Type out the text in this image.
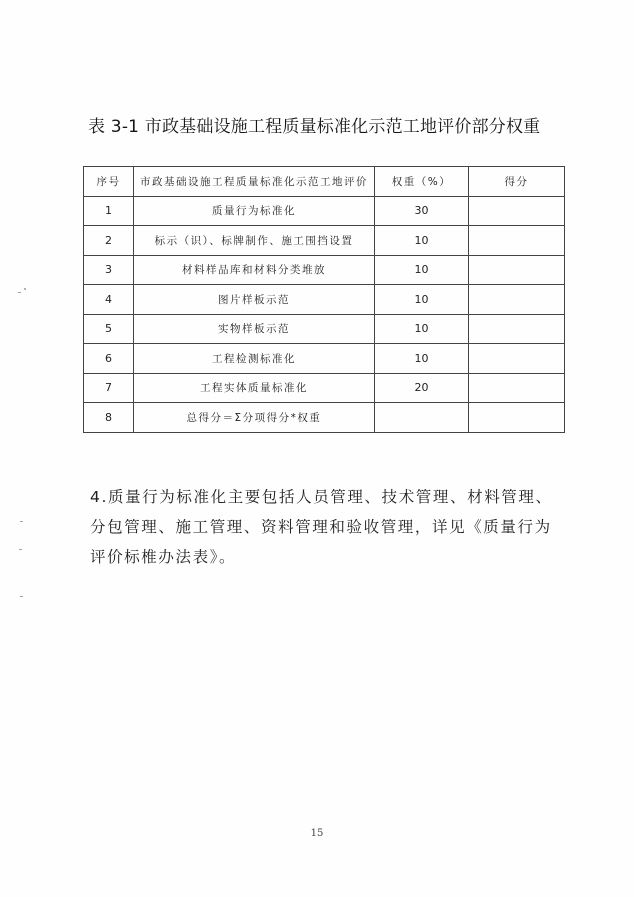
表 3-1 市政基础设施工程质量标准化示范工地评价部分权重
序号	市政基础设施工程质量标准化示范工地评价	权重（%）	得分
1	质量行为标准化	30	
2	标示（识）、标牌制作、施工围挡设置	10	
3	材料样品库和材料分类堆放	10	
4	图片样板示范	10	
5	实物样板示范	10	
6	工程检测标准化	10	
7	工程实体质量标准化	20	
8	总得分＝Σ分项得分*权重		
4.质量行为标准化主要包括人员管理、技术管理、材料管理、分包管理、施工管理、资料管理和验收管理，详见《质量行为评价标椎办法表》。
15
